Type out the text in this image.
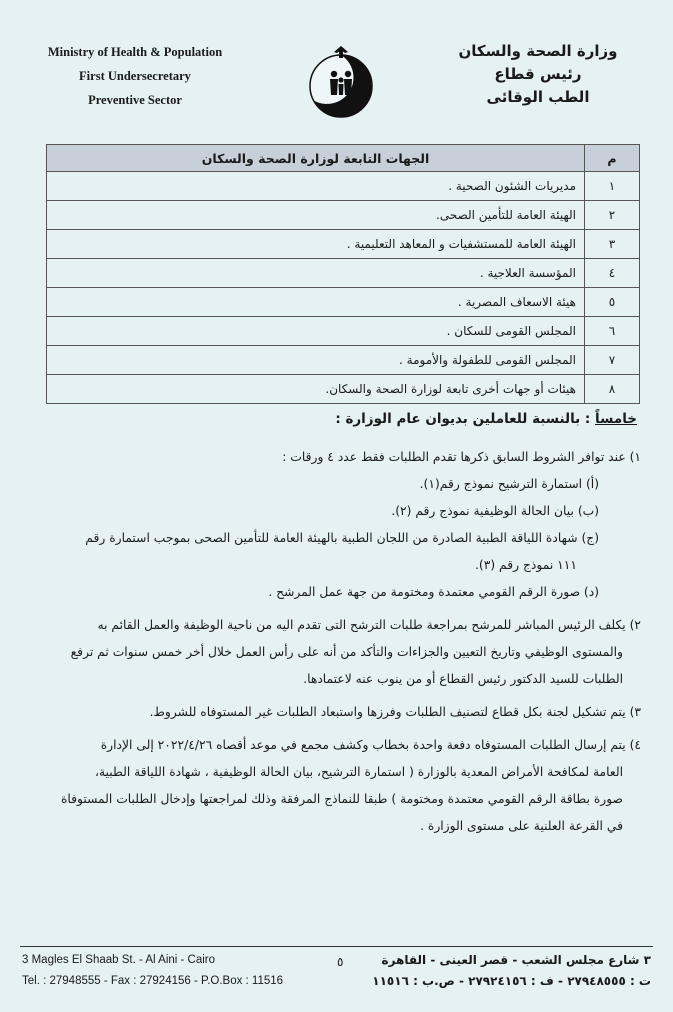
Ministry of Health & Population
First Undersecretary
Preventive Sector
وزارة الصحة والسكان
رئيس قطاع
الطب الوقائى
م	الجهات التابعة لوزارة الصحة والسكان
١	مديريات الشئون الصحية .
٢	الهيئة العامة للتأمين الصحى.
٣	الهيئة العامة للمستشفيات و المعاهد التعليمية .
٤	المؤسسة العلاجية .
٥	هيئة الاسعاف المصرية .
٦	المجلس القومى للسكان .
٧	المجلس القومى للطفولة والأمومة .
٨	هيئات أو جهات أخرى تابعة لوزارة الصحة والسكان.
خامساً : بالنسبة للعاملين بديوان عام الوزارة :
١) عند توافر الشروط السابق ذكرها تقدم الطلبات فقط عدد ٤ ورقات :
(أ) استمارة الترشيح نموذج رقم(١).
(ب) بيان الحالة الوظيفية نموذج رقم (٢).
(ج) شهادة اللياقة الطبية الصادرة من اللجان الطبية بالهيئة العامة للتأمين الصحى بموجب استمارة رقم
١١١ نموذج رقم (٣).
(د) صورة الرقم القومي معتمدة ومختومة من جهة عمل المرشح .
٢) يكلف الرئيس المباشر للمرشح بمراجعة طلبات الترشح التى تقدم اليه من ناحية الوظيفة والعمل القائم به
والمستوى الوظيفي وتاريخ التعيين والجزاءات والتأكد من أنه على رأس العمل خلال أخر خمس سنوات ثم ترفع
الطلبات للسيد الدكتور رئيس القطاع أو من ينوب عنه لاعتمادها.
٣) يتم تشكيل لجنة بكل قطاع لتصنيف الطلبات وفرزها واستبعاد الطلبات غير المستوفاه للشروط.
٤) يتم إرسال الطلبات المستوفاه دفعة واحدة بخطاب وكشف مجمع في موعد أقصاه ٢٠٢٢/٤/٢٦ إلى الإدارة
العامة لمكافحة الأمراض المعدية بالوزارة ( استمارة الترشيح، بيان الحالة الوظيفية ، شهادة اللياقة الطبية،
صورة بطاقة الرقم القومي معتمدة ومختومة ) طبقا للنماذج المرفقة وذلك لمراجعتها وإدخال الطلبات المستوفاة
في القرعة العلنية على مستوى الوزارة .
3 Magles El Shaab St. - Al Aini - Cairo
Tel. : 27948555 - Fax : 27924156 - P.O.Box : 11516
٥	٣ شارع مجلس الشعب - قصر العينى - القاهرة
ت : ٢٧٩٤٨٥٥٥ - ف : ٢٧٩٢٤١٥٦ - ص.ب : ١١٥١٦
